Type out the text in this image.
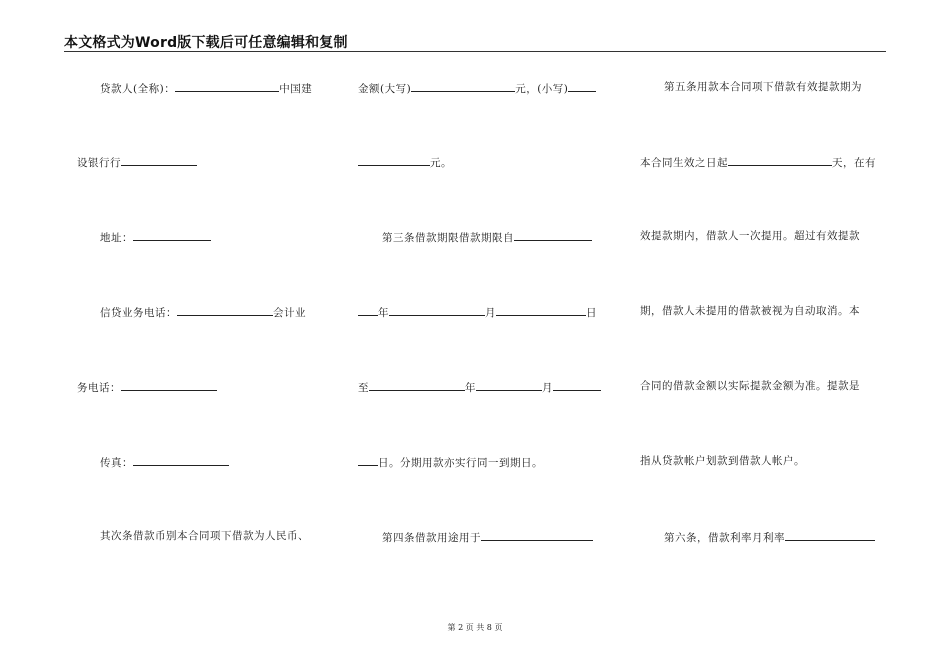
本文格式为Word版下载后可任意编辑和复制
贷款人(全称)：	中国建
设银行行
地址：
信贷业务电话：	会计业
务电话：
传真：
其次条借款币别本合同项下借款为人民币、
金额(大写)	元，(小写)
元。
第三条借款期限借款期限自
年	月	日
至	年	月
日。分期用款亦实行同一到期日。
第四条借款用途用于
第五条用款本合同项下借款有效提款期为
本合同生效之日起	天，在有
效提款期内，借款人一次提用。超过有效提款
期，借款人未提用的借款被视为自动取消。本
合同的借款金额以实际提款金额为准。提款是
指从贷款帐户划款到借款人帐户。
第六条，借款利率月利率
第 2 页 共 8 页
